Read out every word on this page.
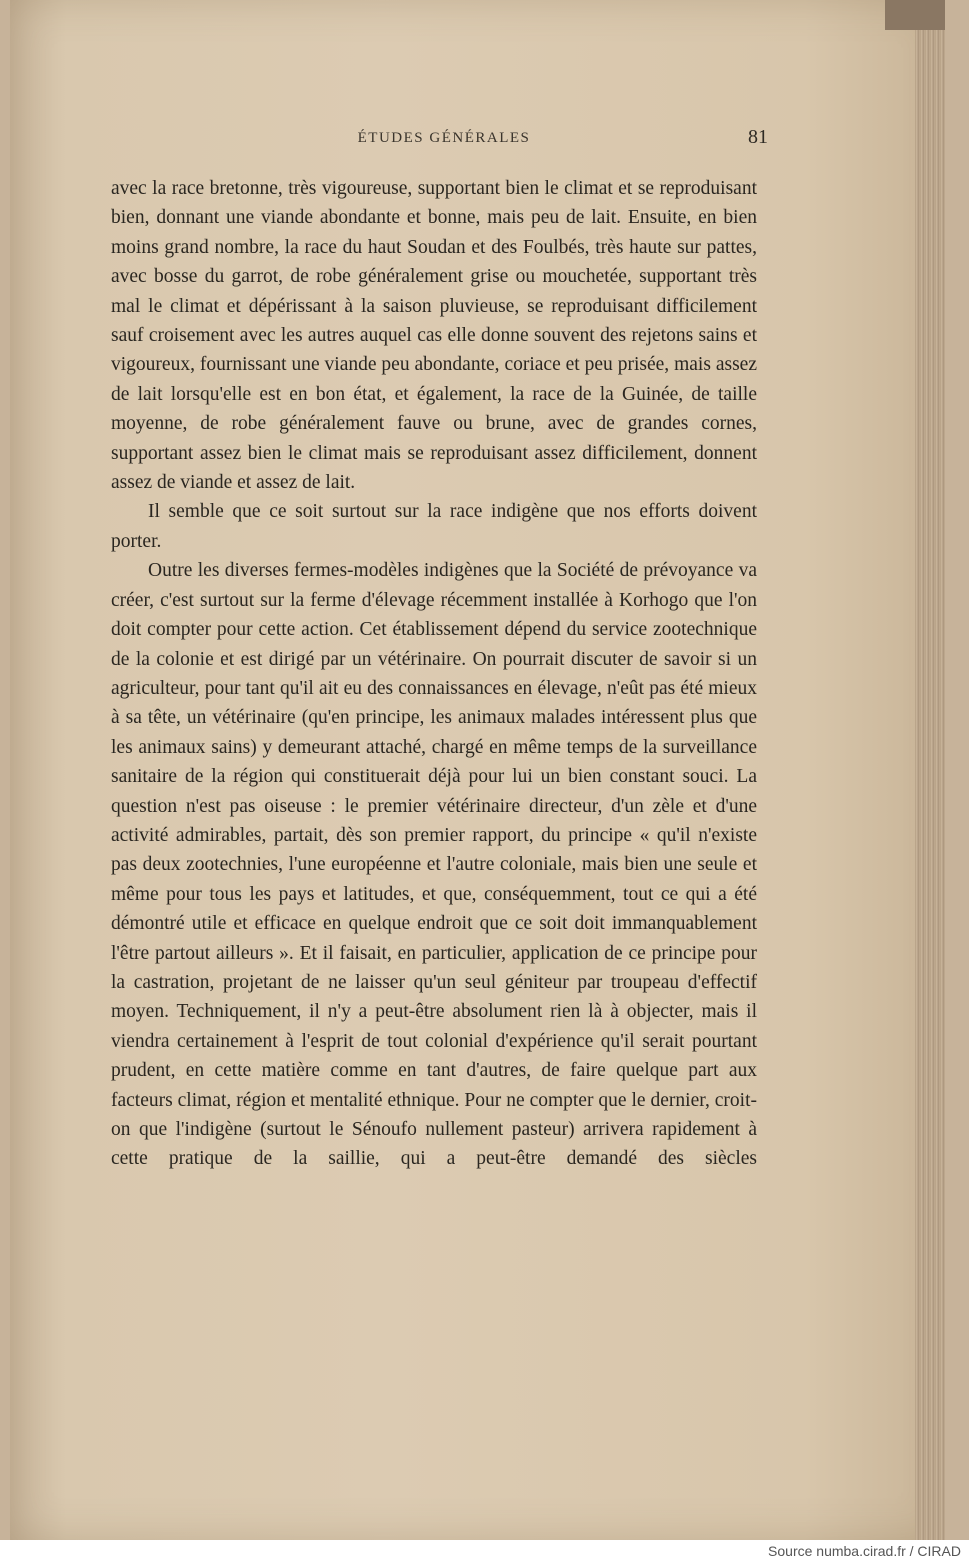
ÉTUDES GÉNÉRALES	81

avec la race bretonne, très vigoureuse, supportant bien le climat et se reproduisant bien, donnant une viande abondante et bonne, mais peu de lait. Ensuite, en bien moins grand nombre, la race du haut Soudan et des Foulbés, très haute sur pattes, avec bosse du garrot, de robe généralement grise ou mouchetée, supportant très mal le climat et dépérissant à la saison pluvieuse, se reproduisant difficilement sauf croisement avec les autres auquel cas elle donne souvent des rejetons sains et vigoureux, fournissant une viande peu abondante, coriace et peu prisée, mais assez de lait lorsqu'elle est en bon état, et également, la race de la Guinée, de taille moyenne, de robe généralement fauve ou brune, avec de grandes cornes, supportant assez bien le climat mais se reproduisant assez difficilement, donnent assez de viande et assez de lait.

Il semble que ce soit surtout sur la race indigène que nos efforts doivent porter.

Outre les diverses fermes-modèles indigènes que la Société de prévoyance va créer, c'est surtout sur la ferme d'élevage récemment installée à Korhogo que l'on doit compter pour cette action. Cet établissement dépend du service zootechnique de la colonie et est dirigé par un vétérinaire. On pourrait discuter de savoir si un agriculteur, pour tant qu'il ait eu des connaissances en élevage, n'eût pas été mieux à sa tête, un vétérinaire (qu'en principe, les animaux malades intéressent plus que les animaux sains) y demeurant attaché, chargé en même temps de la surveillance sanitaire de la région qui constituerait déjà pour lui un bien constant souci. La question n'est pas oiseuse : le premier vétérinaire directeur, d'un zèle et d'une activité admirables, partait, dès son premier rapport, du principe « qu'il n'existe pas deux zootechnies, l'une européenne et l'autre coloniale, mais bien une seule et même pour tous les pays et latitudes, et que, conséquemment, tout ce qui a été démontré utile et efficace en quelque endroit que ce soit doit immanquablement l'être partout ailleurs ». Et il faisait, en particulier, application de ce principe pour la castration, projetant de ne laisser qu'un seul géniteur par troupeau d'effectif moyen. Techniquement, il n'y a peut-être absolument rien là à objecter, mais il viendra certainement à l'esprit de tout colonial d'expérience qu'il serait pourtant prudent, en cette matière comme en tant d'autres, de faire quelque part aux facteurs climat, région et mentalité ethnique. Pour ne compter que le dernier, croit-on que l'indigène (surtout le Sénoufo nullement pasteur) arrivera rapidement à cette pratique de la saillie, qui a peut-être demandé des siècles

Source numba.cirad.fr / CIRAD
